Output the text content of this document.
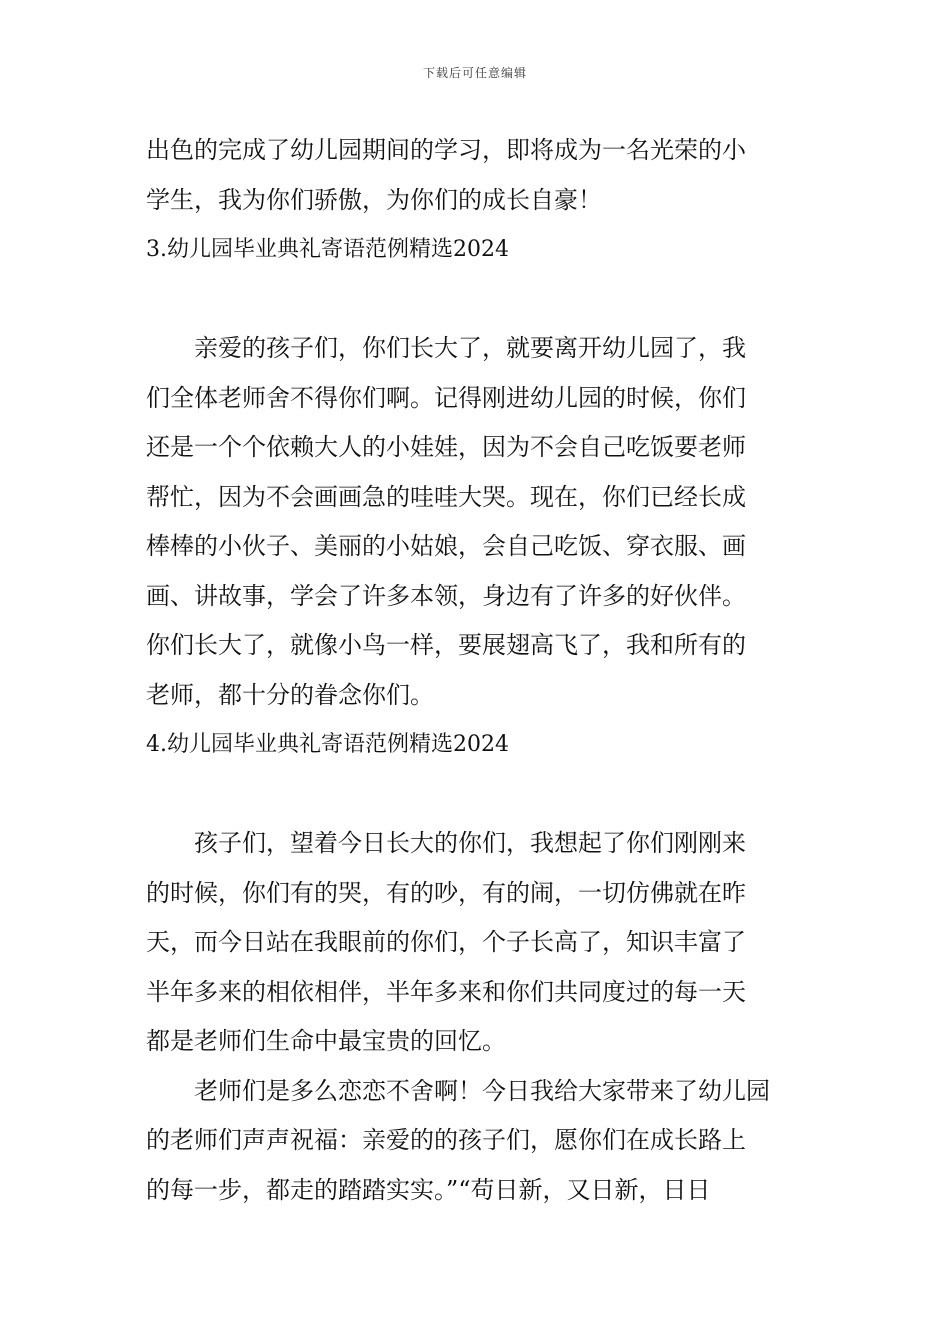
下载后可任意编辑
出色的完成了幼儿园期间的学习，即将成为一名光荣的小
学生，我为你们骄傲，为你们的成长自豪！
3.幼儿园毕业典礼寄语范例精选2024
亲爱的孩子们，你们长大了，就要离开幼儿园了，我
们全体老师舍不得你们啊。记得刚进幼儿园的时候，你们
还是一个个依赖大人的小娃娃，因为不会自己吃饭要老师
帮忙，因为不会画画急的哇哇大哭。现在，你们已经长成
棒棒的小伙子、美丽的小姑娘，会自己吃饭、穿衣服、画
画、讲故事，学会了许多本领，身边有了许多的好伙伴。
你们长大了，就像小鸟一样，要展翅高飞了，我和所有的
老师，都十分的眷念你们。
4.幼儿园毕业典礼寄语范例精选2024
孩子们，望着今日长大的你们，我想起了你们刚刚来
的时候，你们有的哭，有的吵，有的闹，一切仿佛就在昨
天，而今日站在我眼前的你们，个子长高了，知识丰富了
半年多来的相依相伴，半年多来和你们共同度过的每一天
都是老师们生命中最宝贵的回忆。
老师们是多么恋恋不舍啊！今日我给大家带来了幼儿园
的老师们声声祝福：亲爱的的孩子们，愿你们在成长路上
的每一步，都走的踏踏实实。”“苟日新，又日新，日日
